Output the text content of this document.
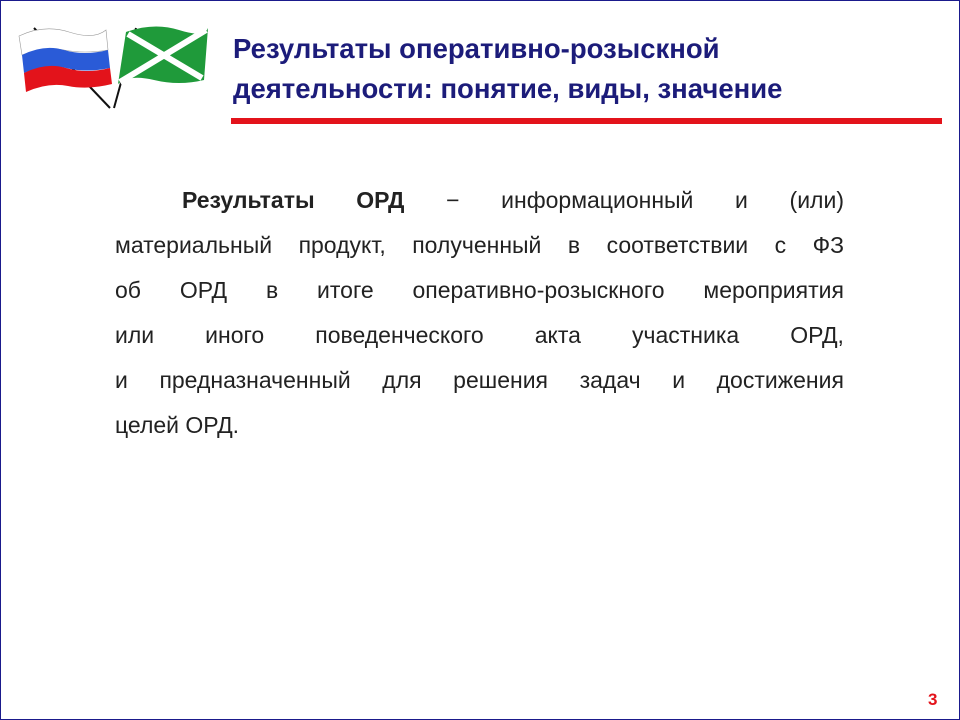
Результаты оперативно-розыскной
деятельности: понятие, виды, значение
Результаты ОРД − информационный и (или)
материальный продукт, полученный в соответствии с ФЗ
об ОРД в итоге оперативно-розыскного мероприятия
или иного поведенческого акта участника ОРД,
и предназначенный для решения задач и достижения
целей ОРД.
3
